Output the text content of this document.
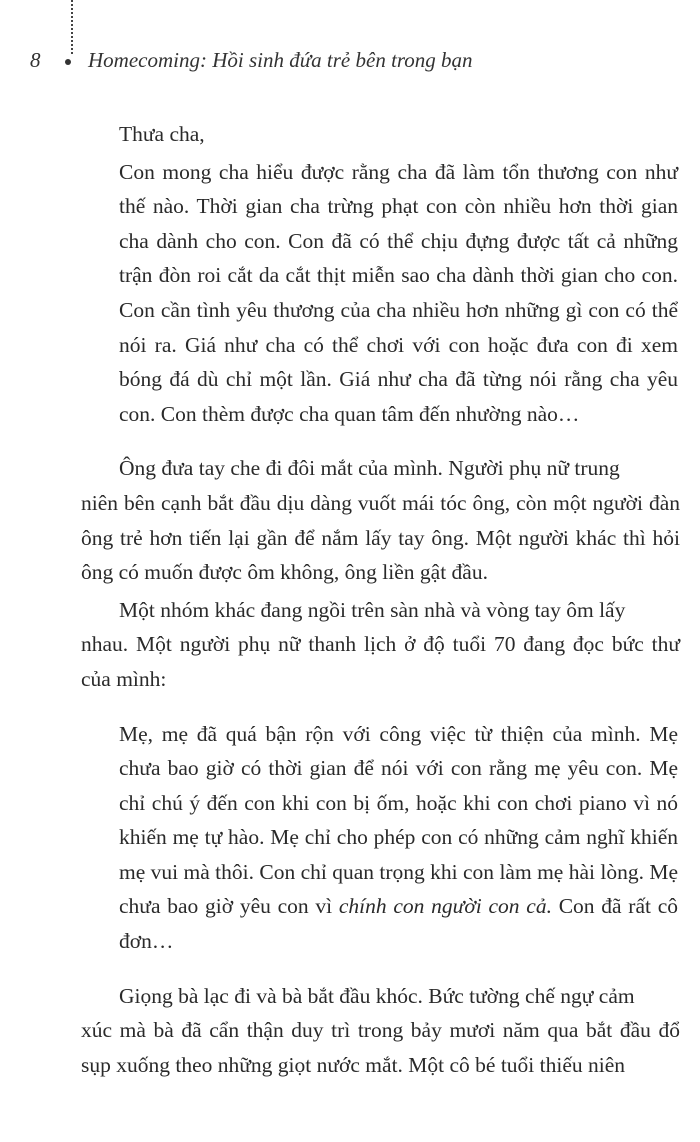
8 Homecoming: Hồi sinh đứa trẻ bên trong bạn

Thưa cha,

Con mong cha hiểu được rằng cha đã làm tổn thương con như thế nào. Thời gian cha trừng phạt con còn nhiều hơn thời gian cha dành cho con. Con đã có thể chịu đựng được tất cả những trận đòn roi cắt da cắt thịt miễn sao cha dành thời gian cho con. Con cần tình yêu thương của cha nhiều hơn những gì con có thể nói ra. Giá như cha có thể chơi với con hoặc đưa con đi xem bóng đá dù chỉ một lần. Giá như cha đã từng nói rằng cha yêu con. Con thèm được cha quan tâm đến nhường nào…

Ông đưa tay che đi đôi mắt của mình. Người phụ nữ trung

niên bên cạnh bắt đầu dịu dàng vuốt mái tóc ông, còn một người đàn ông trẻ hơn tiến lại gần để nắm lấy tay ông. Một người khác thì hỏi ông có muốn được ôm không, ông liền gật đầu.

Một nhóm khác đang ngồi trên sàn nhà và vòng tay ôm lấy

nhau. Một người phụ nữ thanh lịch ở độ tuổi 70 đang đọc bức thư của mình:

Mẹ, mẹ đã quá bận rộn với công việc từ thiện của mình. Mẹ chưa bao giờ có thời gian để nói với con rằng mẹ yêu con. Mẹ chỉ chú ý đến con khi con bị ốm, hoặc khi con chơi piano vì nó khiến mẹ tự hào. Mẹ chỉ cho phép con có những cảm nghĩ khiến mẹ vui mà thôi. Con chỉ quan trọng khi con làm mẹ hài lòng. Mẹ chưa bao giờ yêu con vì chính con người con cả. Con đã rất cô đơn…

Giọng bà lạc đi và bà bắt đầu khóc. Bức tường chế ngự cảm

xúc mà bà đã cẩn thận duy trì trong bảy mươi năm qua bắt đầu đổ sụp xuống theo những giọt nước mắt. Một cô bé tuổi thiếu niên
